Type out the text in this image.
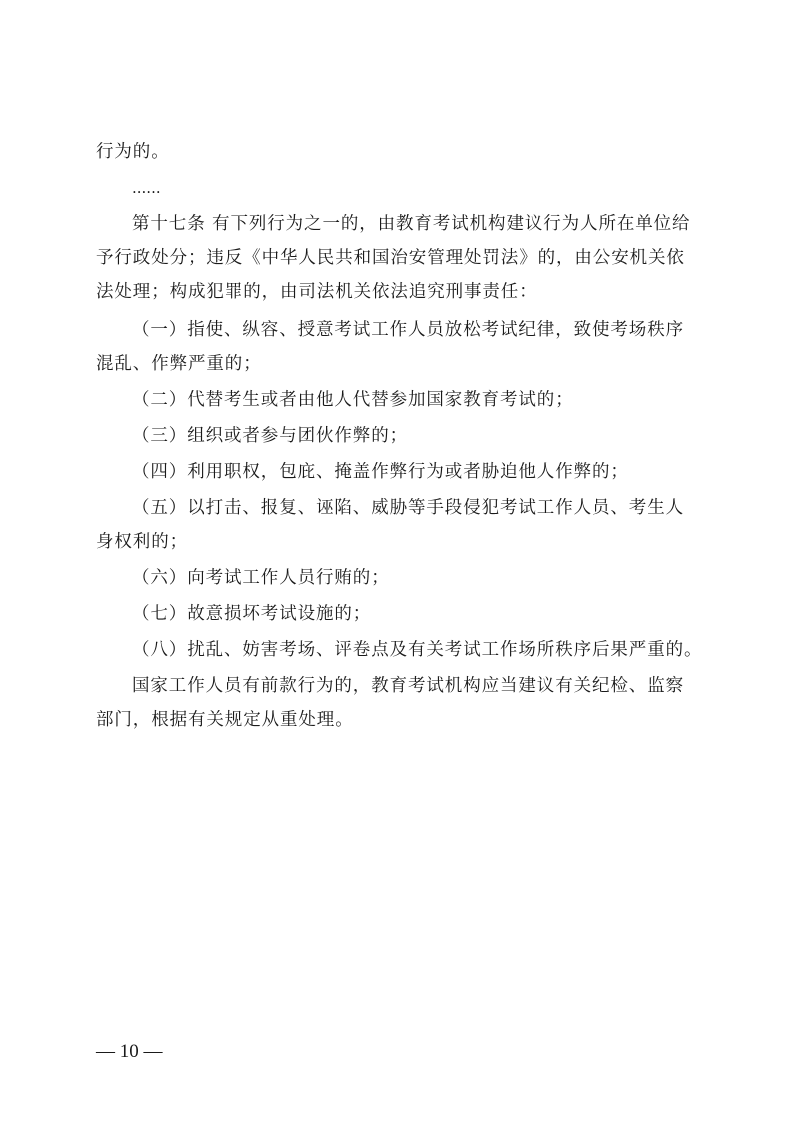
行为的。
......
第十七条 有下列行为之一的，由教育考试机构建议行为人所在单位给
予行政处分；违反《中华人民共和国治安管理处罚法》的，由公安机关依
法处理；构成犯罪的，由司法机关依法追究刑事责任：
（一）指使、纵容、授意考试工作人员放松考试纪律，致使考场秩序
混乱、作弊严重的；
（二）代替考生或者由他人代替参加国家教育考试的；
（三）组织或者参与团伙作弊的；
（四）利用职权，包庇、掩盖作弊行为或者胁迫他人作弊的；
（五）以打击、报复、诬陷、威胁等手段侵犯考试工作人员、考生人
身权利的；
（六）向考试工作人员行贿的；
（七）故意损坏考试设施的；
（八）扰乱、妨害考场、评卷点及有关考试工作场所秩序后果严重的。
国家工作人员有前款行为的，教育考试机构应当建议有关纪检、监察
部门，根据有关规定从重处理。
— 10 —
